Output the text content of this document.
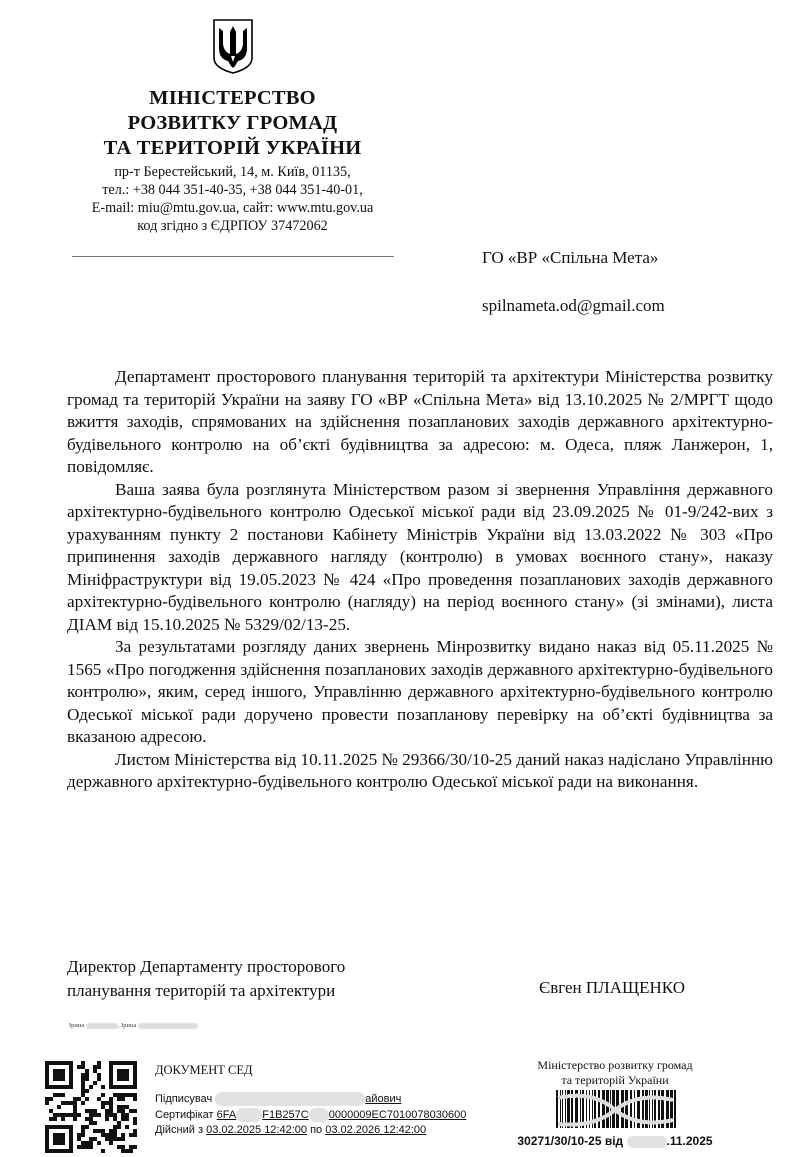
МІНІСТЕРСТВО
РОЗВИТКУ ГРОМАД
ТА ТЕРИТОРІЙ УКРАЇНИ
пр-т Берестейський, 14, м. Київ, 01135,
тел.: +38 044 351-40-35, +38 044 351-40-01,
E-mail: miu@mtu.gov.ua, сайт: www.mtu.gov.ua
код згідно з ЄДРПОУ 37472062
ГО «ВР «Спільна Мета»
spilnameta.od@gmail.com

Департамент просторового планування територій та архітектури Міністерства розвитку громад та територій України на заяву ГО «ВР «Спільна Мета» від 13.10.2025 № 2/МРГТ щодо вжиття заходів, спрямованих на здійснення позапланових заходів державного архітектурно-будівельного контролю на об’єкті будівництва за адресою: м. Одеса, пляж Ланжерон, 1, повідомляє.

Ваша заява була розглянута Міністерством разом зі звернення Управління державного архітектурно-будівельного контролю Одеської міської ради від 23.09.2025 № 01-9/242-вих з урахуванням пункту 2 постанови Кабінету Міністрів України від 13.03.2022 № 303 «Про припинення заходів державного нагляду (контролю) в умовах воєнного стану», наказу Мініфраструктури від 19.05.2023 № 424 «Про проведення позапланових заходів державного архітектурно-будівельного контролю (нагляду) на період воєнного стану» (зі змінами), листа ДІАМ від 15.10.2025 № 5329/02/13-25.

За результатами розгляду даних звернень Мінрозвитку видано наказ від 05.11.2025 № 1565 «Про погодження здійснення позапланових заходів державного архітектурно-будівельного контролю», яким, серед іншого, Управлінню державного архітектурно-будівельного контролю Одеської міської ради доручено провести позапланову перевірку на об’єкті будівництва за вказаною адресою.

Листом Міністерства від 10.11.2025 № 29366/30/10-25 даний наказ надіслано Управлінню державного архітектурно-будівельного контролю Одеської міської ради на виконання.

Директор Департаменту просторового
планування територій та архітектури	Євген ПЛАЩЕНКО
Ірина	, Ірина
ДОКУМЕНТ СЕД
Підписувач	айович
Сертифікат 6FA F1B257C 0000009EC7010078030600
Дійсний з 03.02.2025 12:42:00 по 03.02.2026 12:42:00
Міністерство розвитку громад
та територій України
30271/30/10-25 від	.11.2025
